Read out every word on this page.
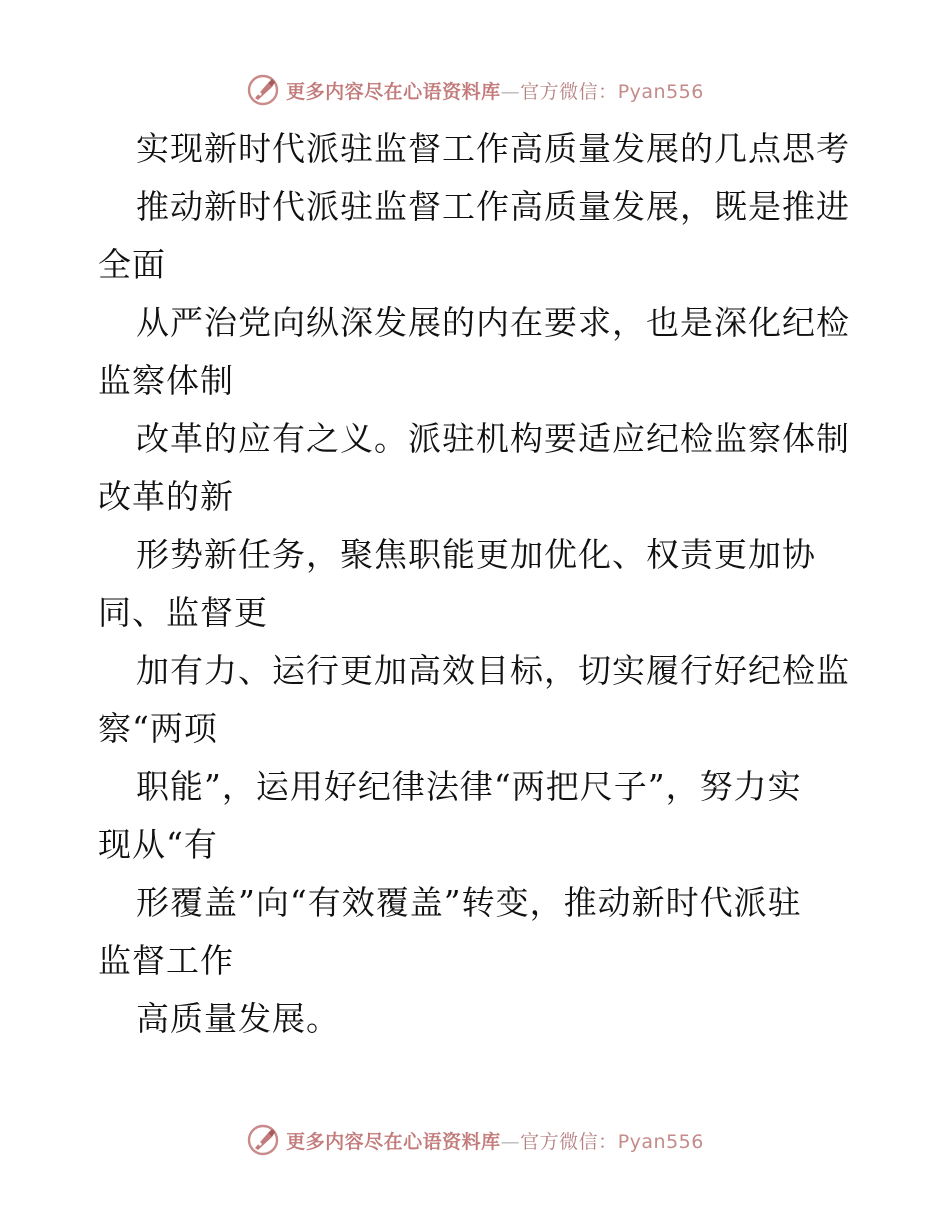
更多内容尽在心语资料库—官方微信：Pyan556
实现新时代派驻监督工作高质量发展的几点思考
推动新时代派驻监督工作高质量发展，既是推进
全面
从严治党向纵深发展的内在要求，也是深化纪检
监察体制
改革的应有之义。派驻机构要适应纪检监察体制
改革的新
形势新任务，聚焦职能更加优化、权责更加协
同、监督更
加有力、运行更加高效目标，切实履行好纪检监
察“两项
职能”，运用好纪律法律“两把尺子”，努力实
现从“有
形覆盖”向“有效覆盖”转变，推动新时代派驻
监督工作
高质量发展。
更多内容尽在心语资料库—官方微信：Pyan556
